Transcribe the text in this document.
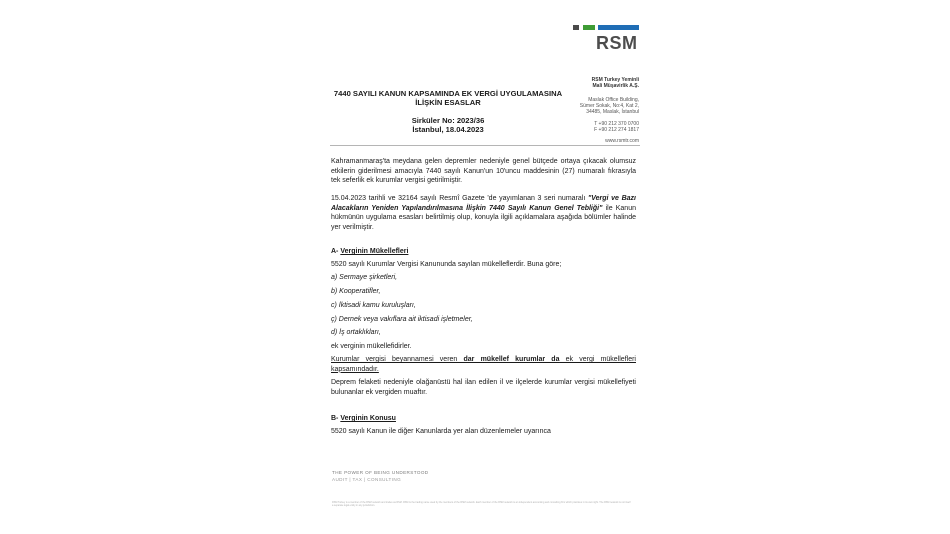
RSM
RSM Turkey Yeminli
Mali Müşavirlik A.Ş.
Maslak Office Building,
Sümer Sokak, No:4, Kat 2,
34485, Maslak, İstanbul
T +90 212 370 0700
F +90 212 274 1817
www.rsmtr.com
7440 SAYILI KANUN KAPSAMINDA EK VERGİ UYGULAMASINA
İLİŞKİN ESASLAR
Sirküler No: 2023/36
İstanbul, 18.04.2023
Kahramanmaraş'ta meydana gelen depremler nedeniyle genel bütçede ortaya çıkacak olumsuz etkilerin giderilmesi amacıyla 7440 sayılı Kanun'un 10'uncu maddesinin (27) numaralı fıkrasıyla tek seferlik ek kurumlar vergisi getirilmiştir.
15.04.2023 tarihli ve 32164 sayılı Resmî Gazete 'de yayımlanan 3 seri numaralı "Vergi ve Bazı Alacakların Yeniden Yapılandırılmasına İlişkin 7440 Sayılı Kanun Genel Tebliği" ile Kanun hükmünün uygulama esasları belirtilmiş olup, konuyla ilgili açıklamalara aşağıda bölümler halinde yer verilmiştir.
A- Verginin Mükellefleri
5520 sayılı Kurumlar Vergisi Kanununda sayılan mükelleflerdir. Buna göre;
a) Sermaye şirketleri,
b) Kooperatifler,
c) İktisadi kamu kuruluşları,
ç) Dernek veya vakıflara ait iktisadi işletmeler,
d) İş ortaklıkları,
ek verginin mükellefidirler.
Kurumlar vergisi beyannamesi veren dar mükellef kurumlar da ek vergi mükellefleri kapsamındadır.
Deprem felaketi nedeniyle olağanüstü hal ilan edilen il ve ilçelerde kurumlar vergisi mükellefiyeti bulunanlar ek vergiden muaftır.
B- Verginin Konusu
5520 sayılı Kanun ile diğer Kanunlarda yer alan düzenlemeler uyarınca
THE POWER OF BEING UNDERSTOOD
AUDIT | TAX | CONSULTING
RSM Turkey is a member of the RSM network and trades as RSM. RSM is the trading name used by the members of the RSM network. Each member of the RSM network is an independent accounting and consulting firm which practices in its own right. The RSM network is not itself a separate legal entity in any jurisdiction.
